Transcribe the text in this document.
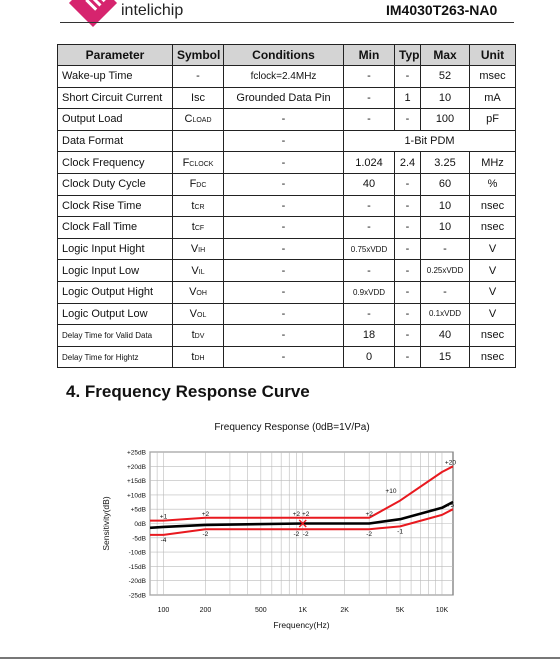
intelichip	IM4030T263-NA0
Parameter	Symbol	Conditions	Min	Typ	Max	Unit
Wake-up Time	-	fclock=2.4MHz	-	-	52	msec
Short Circuit Current	Isc	Grounded Data Pin	-	1	10	mA
Output Load	CLOAD	-	-	-	100	pF
Data Format		-	1-Bit PDM			
Clock Frequency	FCLOCK	-	1.024	2.4	3.25	MHz
Clock Duty Cycle	FDC	-	40	-	60	%
Clock Rise Time	tCR	-	-	-	10	nsec
Clock Fall Time	tCF	-	-	-	10	nsec
Logic Input Hight	VIH	-	0.75xVDD	-	-	V
Logic Input Low	VIL	-	-	-	0.25xVDD	V
Logic Output Hight	VOH	-	0.9xVDD	-	-	V
Logic Output Low	VOL	-	-	-	0.1xVDD	V
Delay Time for Valid Data	tDV	-	18	-	40	nsec
Delay Time for Hightz	tDH	-	0	-	15	nsec
4. Frequency Response Curve
Frequency Response (0dB=1V/Pa)
+25dB
+20dB
+15dB
+10dB
+5dB
0dB
-5dB
-10dB
-15dB
-20dB
-25dB
100	200	500	1K	2K	5K	10K
Frequency(Hz)
Sensitivity(dB)	+1	+2	+2 +2	+2
+10
+20
-4
-2	-2 -2	-2	-1
+5
